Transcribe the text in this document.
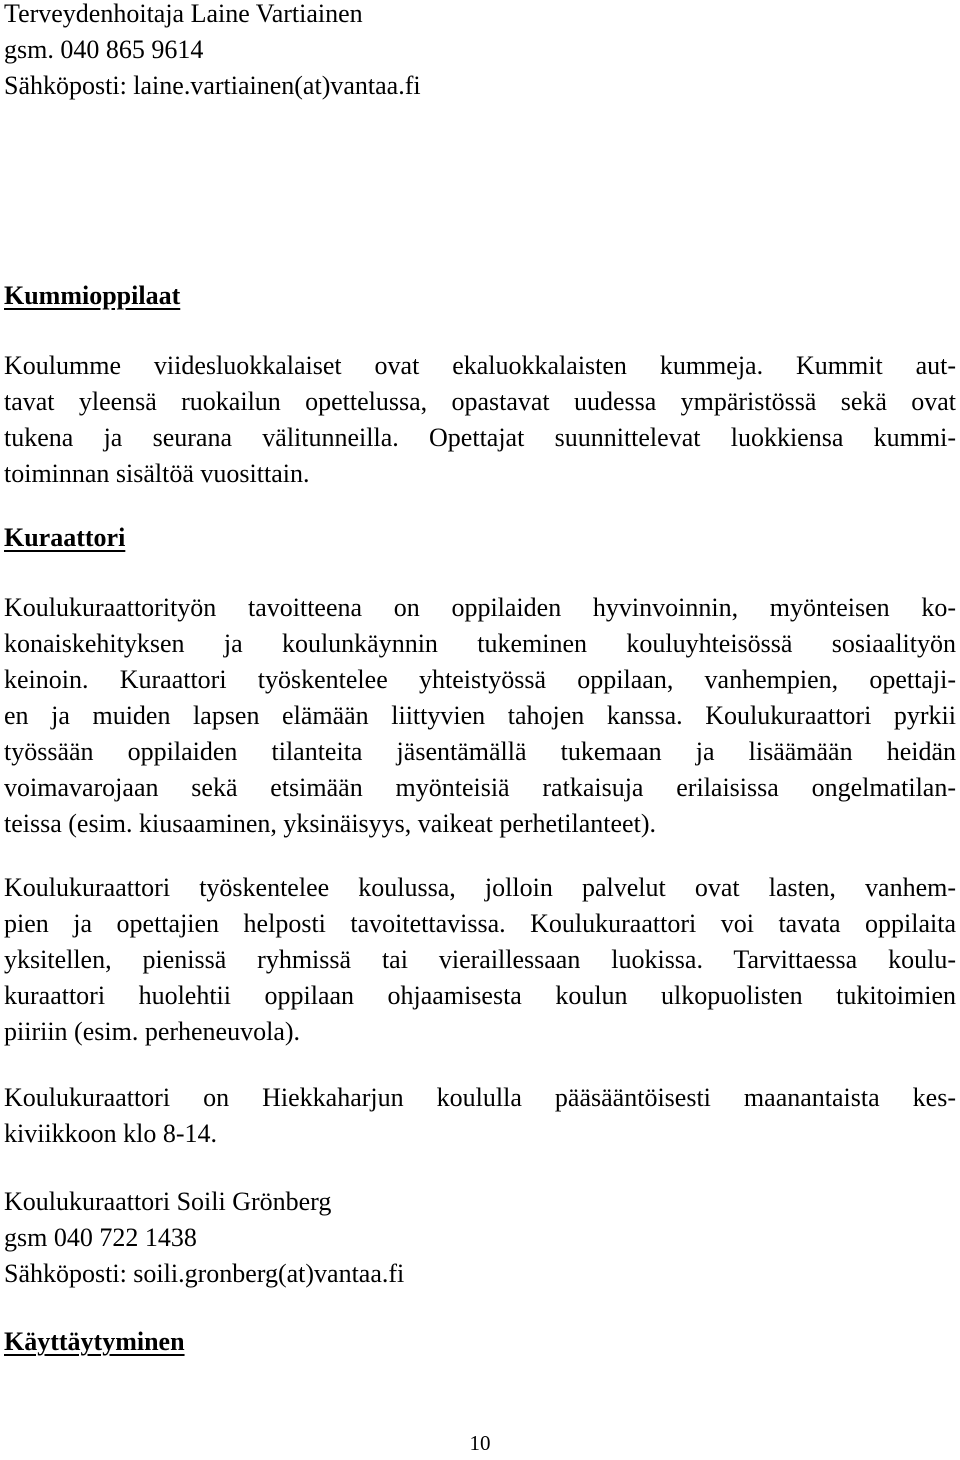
Terveydenhoitaja Laine Vartiainen
gsm. 040 865 9614
Sähköposti: laine.vartiainen(at)vantaa.fi
Kummioppilaat
Koulumme viidesluokkalaiset ovat ekaluokkalaisten kummeja. Kummit aut-
tavat yleensä ruokailun opettelussa, opastavat uudessa ympäristössä sekä ovat
tukena ja seurana välitunneilla. Opettajat suunnittelevat luokkiensa kummi-
toiminnan sisältöä vuosittain.
Kuraattori
Koulukuraattorityön tavoitteena on oppilaiden hyvinvoinnin, myönteisen ko-
konaiskehityksen ja koulunkäynnin tukeminen kouluyhteisössä sosiaalityön
keinoin. Kuraattori työskentelee yhteistyössä oppilaan, vanhempien, opettaji-
en ja muiden lapsen elämään liittyvien tahojen kanssa. Koulukuraattori pyrkii
työssään oppilaiden tilanteita jäsentämällä tukemaan ja lisäämään heidän
voimavarojaan sekä etsimään myönteisiä ratkaisuja erilaisissa ongelmatilan-
teissa (esim. kiusaaminen, yksinäisyys, vaikeat perhetilanteet).
Koulukuraattori työskentelee koulussa, jolloin palvelut ovat lasten, vanhem-
pien ja opettajien helposti tavoitettavissa. Koulukuraattori voi tavata oppilaita
yksitellen, pienissä ryhmissä tai vieraillessaan luokissa. Tarvittaessa koulu-
kuraattori huolehtii oppilaan ohjaamisesta koulun ulkopuolisten tukitoimien
piiriin (esim. perheneuvola).
Koulukuraattori on Hiekkaharjun koululla pääsääntöisesti maanantaista kes-
kiviikkoon klo 8-14.
Koulukuraattori Soili Grönberg
gsm 040 722 1438
Sähköposti: soili.gronberg(at)vantaa.fi
Käyttäytyminen
10
